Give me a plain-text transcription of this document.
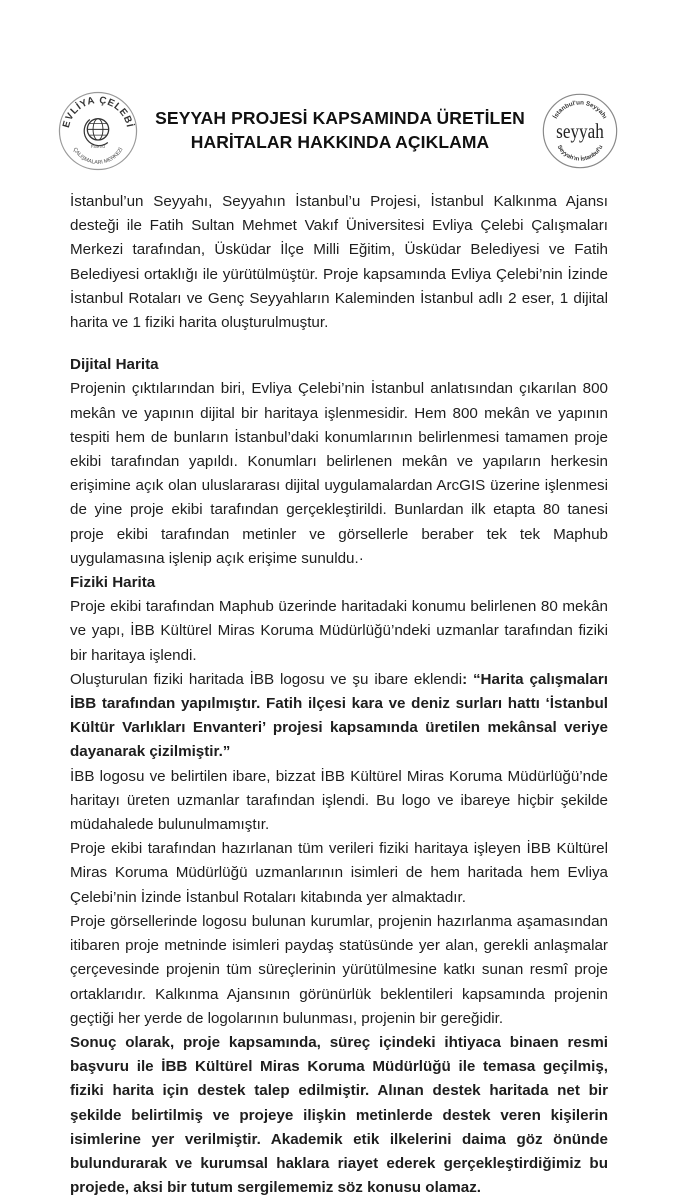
EVLİYA ÇELEBİ
ÇALIŞMALARI MERKEZİ
FSMVÜ
SEYYAH PROJESİ KAPSAMINDA ÜRETİLEN
HARİTALAR HAKKINDA AÇIKLAMA
İstanbul'un Seyyahı
Seyyah'ın İstanbul'u
seyyah

İstanbul’un Seyyahı, Seyyahın İstanbul’u Projesi, İstanbul Kalkınma Ajansı desteği ile Fatih Sultan Mehmet Vakıf Üniversitesi Evliya Çelebi Çalışmaları Merkezi tarafından, Üsküdar İlçe Milli Eğitim, Üsküdar Belediyesi ve Fatih Belediyesi ortaklığı ile yürütülmüştür. Proje kapsamında Evliya Çelebi’nin İzinde İstanbul Rotaları ve Genç Seyyahların Kaleminden İstanbul adlı 2 eser, 1 dijital harita ve 1 fiziki harita oluşturulmuştur.

Dijital Harita

Projenin çıktılarından biri, Evliya Çelebi’nin İstanbul anlatısından çıkarılan 800 mekân ve yapının dijital bir haritaya işlenmesidir. Hem 800 mekân ve yapının tespiti hem de bunların İstanbul’daki konumlarının belirlenmesi tamamen proje ekibi tarafından yapıldı. Konumları belirlenen mekân ve yapıların herkesin erişimine açık olan uluslararası dijital uygulamalardan ArcGIS üzerine işlenmesi de yine proje ekibi tarafından gerçekleştirildi. Bunlardan ilk etapta 80 tanesi proje ekibi tarafından metinler ve görsellerle beraber tek tek Maphub uygulamasına işlenip açık erişime sunuldu.·

Fiziki Harita

Proje ekibi tarafından Maphub üzerinde haritadaki konumu belirlenen 80 mekân ve yapı, İBB Kültürel Miras Koruma Müdürlüğü’ndeki uzmanlar tarafından fiziki bir haritaya işlendi.

Oluşturulan fiziki haritada İBB logosu ve şu ibare eklendi: “Harita çalışmaları İBB tarafından yapılmıştır. Fatih ilçesi kara ve deniz surları hattı ‘İstanbul Kültür Varlıkları Envanteri’ projesi kapsamında üretilen mekânsal veriye dayanarak çizilmiştir.”

İBB logosu ve belirtilen ibare, bizzat İBB Kültürel Miras Koruma Müdürlüğü’nde haritayı üreten uzmanlar tarafından işlendi. Bu logo ve ibareye hiçbir şekilde müdahalede bulunulmamıştır.

Proje ekibi tarafından hazırlanan tüm verileri fiziki haritaya işleyen İBB Kültürel Miras Koruma Müdürlüğü uzmanlarının isimleri de hem haritada hem Evliya Çelebi’nin İzinde İstanbul Rotaları kitabında yer almaktadır.

Proje görsellerinde logosu bulunan kurumlar, projenin hazırlanma aşamasından itibaren proje metninde isimleri paydaş statüsünde yer alan, gerekli anlaşmalar çerçevesinde projenin tüm süreçlerinin yürütülmesine katkı sunan resmî proje ortaklarıdır. Kalkınma Ajansının görünürlük beklentileri kapsamında projenin geçtiği her yerde de logolarının bulunması, projenin bir gereğidir.

Sonuç olarak, proje kapsamında, süreç içindeki ihtiyaca binaen resmi başvuru ile İBB Kültürel Miras Koruma Müdürlüğü ile temasa geçilmiş, fiziki harita için destek talep edilmiştir. Alınan destek haritada net bir şekilde belirtilmiş ve projeye ilişkin metinlerde destek veren kişilerin isimlerine yer verilmiştir. Akademik etik ilkelerini daima göz önünde bulundurarak ve kurumsal haklara riayet ederek gerçekleştirdiğimiz bu projede, aksi bir tutum sergilememiz söz konusu olamaz.
